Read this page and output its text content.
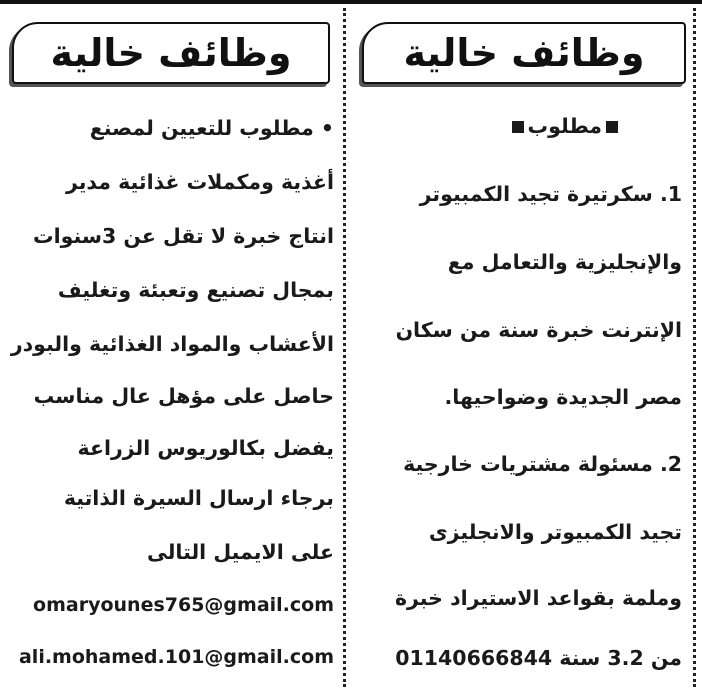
وظائف خالية
مطلوب
1. سكرتيرة تجيد الكمبيوتر
والإنجليزية والتعامل مع
الإنترنت خبرة سنة من سكان
مصر الجديدة وضواحيها.
2. مسئولة مشتريات خارجية
تجيد الكمبيوتر والانجليزى
وملمة بقواعد الاستيراد خبرة
من 3.2 سنة 01140666844
وظائف خالية
• مطلوب للتعيين لمصنع
أغذية ومكملات غذائية مدير
انتاج خبرة لا تقل عن 3سنوات
بمجال تصنيع وتعبئة وتغليف
الأعشاب والمواد الغذائية والبودر
حاصل على مؤهل عال مناسب
يفضل بكالوريوس الزراعة
برجاء ارسال السيرة الذاتية
على الايميل التالى
omaryounes765@gmail.com
ali.mohamed.101@gmail.com
